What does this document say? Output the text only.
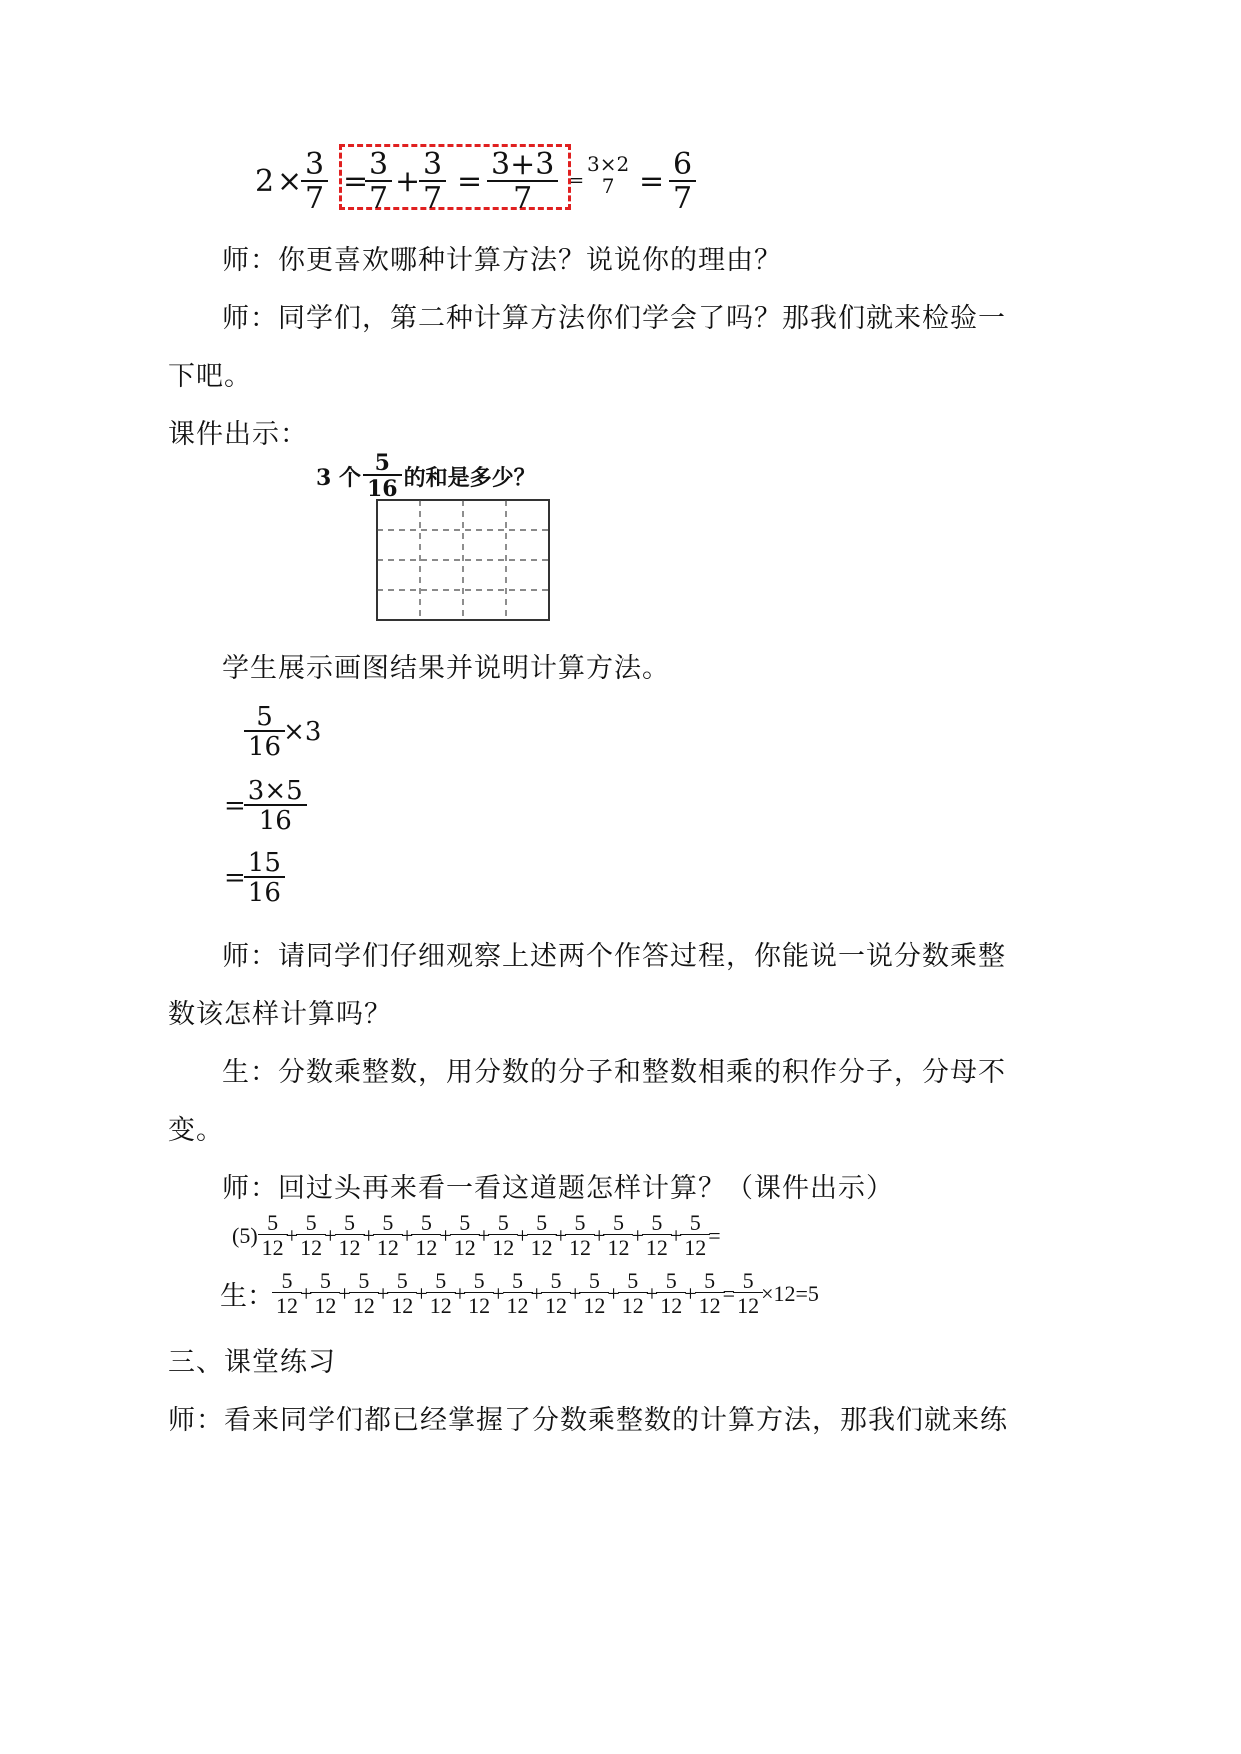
$2 \times \frac{3}{7}$ =
$\frac{3}{7} + \frac{3}{7} = \frac{3+3}{7}$ =
3×2
$7 = \frac{6}{7}$
师：你更喜欢哪种计算方法？说说你的理由？
师：同学们，第二种计算方法你们学会了吗？那我们就来检验一
下吧。
课件出示：
3 个 $\frac{5}{16}$ 的和是多少？
学生展示画图结果并说明计算方法。
$\frac{5}{16} \times 3$
= $\frac{3\times 5}{16}$
= $\frac{15}{16}$
师：请同学们仔细观察上述两个作答过程，你能说一说分数乘整
数该怎样计算吗？
生：分数乘整数，用分数的分子和整数相乘的积作分子，分母不
变。
师：回过头再来看一看这道题怎样计算？（课件出示）
$(5) \frac{5}{12} + \frac{5}{12} + \frac{5}{12} + \frac{5}{12} + \frac{5}{12} + \frac{5}{12} + \frac{5}{12} + \frac{5}{12} + \frac{5}{12} + \frac{5}{12} + \frac{5}{12} + \frac{5}{12}$ =
生： $\frac{5}{12} + \frac{5}{12} + \frac{5}{12} + \frac{5}{12} + \frac{5}{12} + \frac{5}{12} + \frac{5}{12} + \frac{5}{12} + \frac{5}{12} + \frac{5}{12} + \frac{5}{12} + \frac{5}{12} = \frac{5}{12} \times 12=5$
三、课堂练习
师：看来同学们都已经掌握了分数乘整数的计算方法，那我们就来练
